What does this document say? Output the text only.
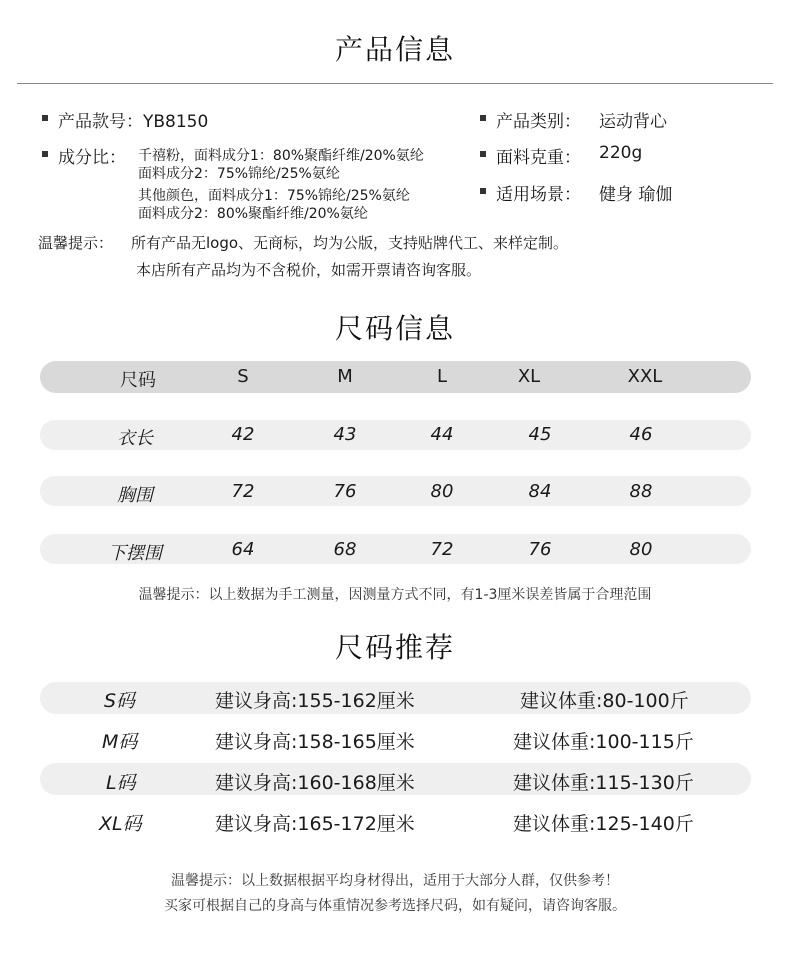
产品信息
产品款号：YB8150
成分比： 千禧粉，面料成分1：80%聚酯纤维/20%氨纶
面料成分2：75%锦纶/25%氨纶
其他颜色，面料成分1：75%锦纶/25%氨纶
面料成分2：80%聚酯纤维/20%氨纶
产品类别： 运动背心
面料克重： 220g
适用场景： 健身 瑜伽
温馨提示： 所有产品无logo、无商标，均为公版，支持贴牌代工、来样定制。
本店所有产品均为不含税价，如需开票请咨询客服。
尺码信息
尺码	S	M	L	XL	XXL
衣长	42	43	44	45	46
胸围	72	76	80	84	88
下摆围	64	68	72	76	80
温馨提示：以上数据为手工测量，因测量方式不同，有1-3厘米误差皆属于合理范围
尺码推荐
S码	建议身高:155-162厘米	建议体重:80-100斤
M码	建议身高:158-165厘米	建议体重:100-115斤
L码	建议身高:160-168厘米	建议体重:115-130斤
XL码	建议身高:165-172厘米	建议体重:125-140斤
温馨提示：以上数据根据平均身材得出，适用于大部分人群，仅供参考！
买家可根据自己的身高与体重情况参考选择尺码，如有疑问，请咨询客服。
